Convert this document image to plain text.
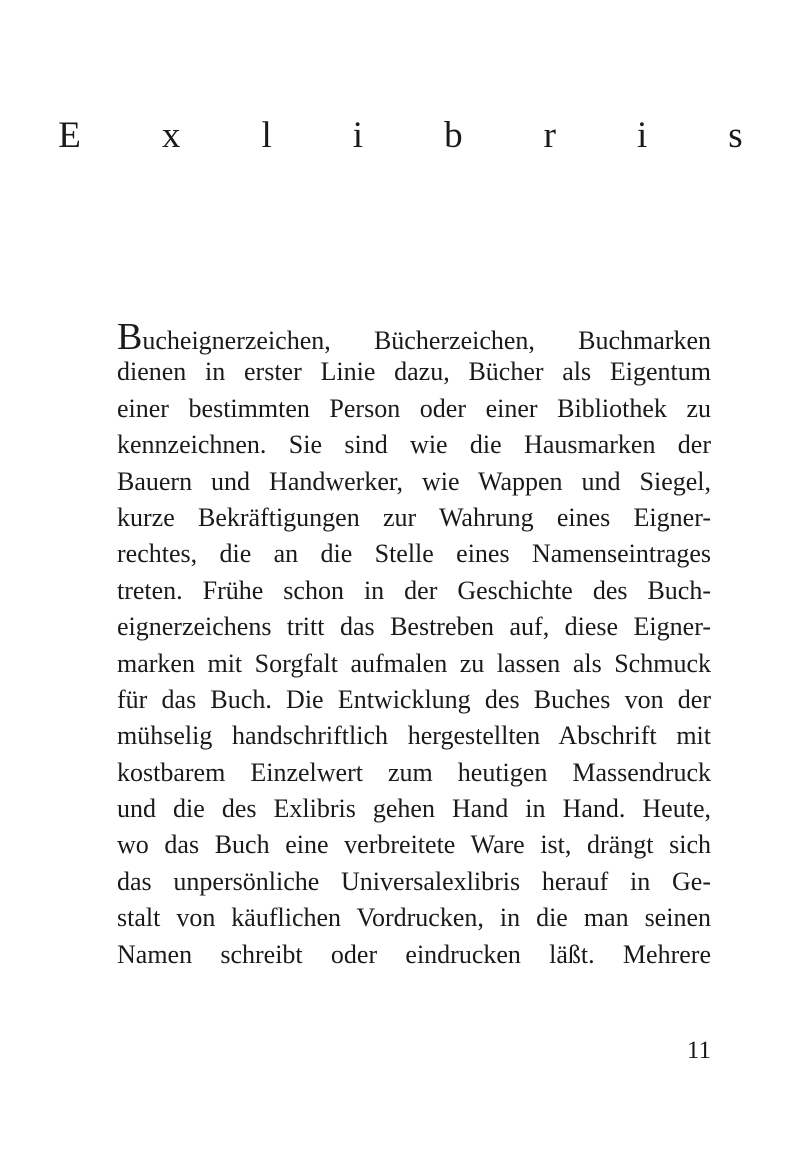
E x l i b r i s
Bucheignerzeichen, Bücherzeichen, Buchmarken
dienen in erster Linie dazu, Bücher als Eigentum
einer bestimmten Person oder einer Bibliothek zu
kennzeichnen. Sie sind wie die Hausmarken der
Bauern und Handwerker, wie Wappen und Siegel,
kurze Bekräftigungen zur Wahrung eines Eigner-
rechtes, die an die Stelle eines Namenseintrages
treten. Frühe schon in der Geschichte des Buch-
eignerzeichens tritt das Bestreben auf, diese Eigner-
marken mit Sorgfalt aufmalen zu lassen als Schmuck
für das Buch. Die Entwicklung des Buches von der
mühselig handschriftlich hergestellten Abschrift mit
kostbarem Einzelwert zum heutigen Massendruck
und die des Exlibris gehen Hand in Hand. Heute,
wo das Buch eine verbreitete Ware ist, drängt sich
das unpersönliche Universalexlibris herauf in Ge-
stalt von käuflichen Vordrucken, in die man seinen
Namen schreibt oder eindrucken läßt. Mehrere
11
